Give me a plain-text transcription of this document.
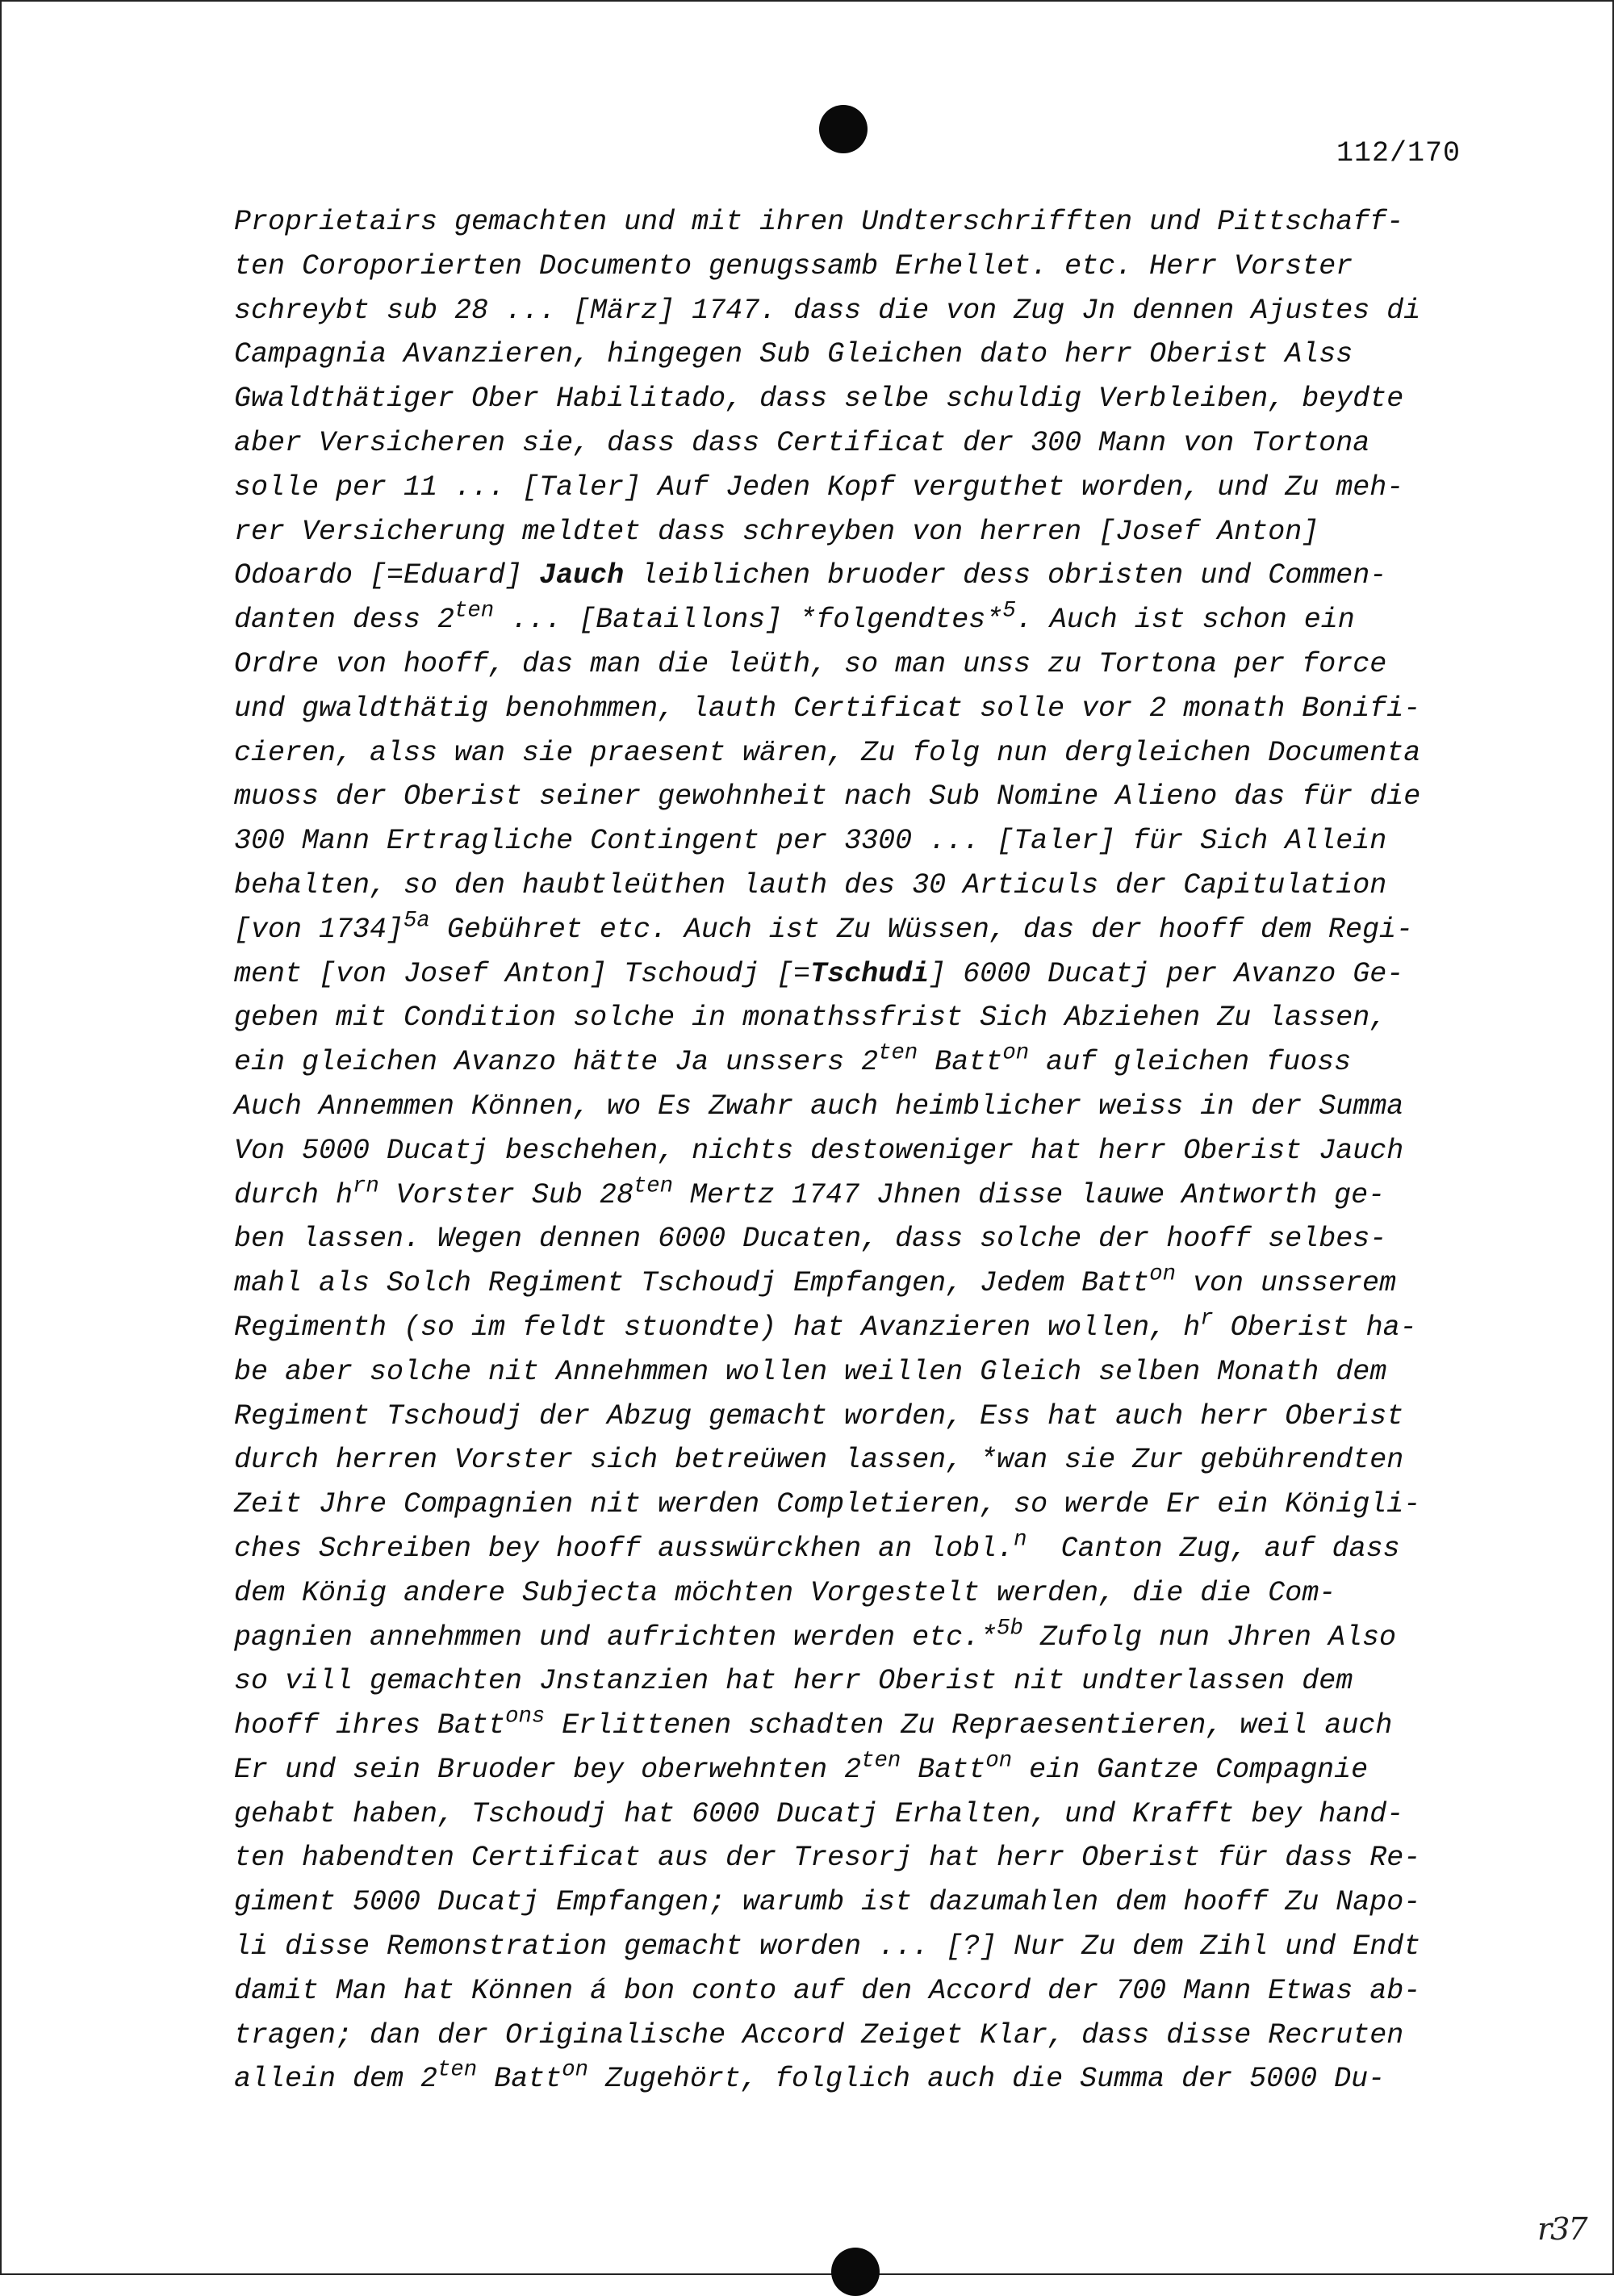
112/170
Proprietairs gemachten und mit ihren Undterschrifften und Pittschaff-
ten Coroporierten Documento genugssamb Erhellet. etc. Herr Vorster
schreybt sub 28 ... [März] 1747. dass die von Zug Jn dennen Ajustes di
Campagnia Avanzieren, hingegen Sub Gleichen dato herr Oberist Alss
Gwaldthätiger Ober Habilitado, dass selbe schuldig Verbleiben, beydte
aber Versicheren sie, dass dass Certificat der 300 Mann von Tortona
solle per 11 ... [Taler] Auf Jeden Kopf verguthet worden, und Zu meh-
rer Versicherung meldtet dass schreyben von herren [Josef Anton]
Odoardo [=Eduard] Jauch leiblichen bruoder dess obristen und Commen-
danten dess $2^{ten}$ ... [Bataillons] *folgendtes*$^5$. Auch ist schon ein
Ordre von hooff, das man die leüth, so man unss zu Tortona per force
und gwaldthätig benohmmen, lauth Certificat solle vor 2 monath Bonifi-
cieren, alss wan sie praesent wären, Zu folg nun dergleichen Documenta
muoss der Oberist seiner gewohnheit nach Sub Nomine Alieno das für die
300 Mann Ertragliche Contingent per 3300 ... [Taler] für Sich Allein
behalten, so den haubtleüthen lauth des 30 Articuls der Capitulation
[von 1734]$^{5a}$ Gebühret etc. Auch ist Zu Wüssen, das der hooff dem Regi-
ment [von Josef Anton] Tschoudj [=Tschudi] 6000 Ducatj per Avanzo Ge-
geben mit Condition solche in monathssfrist Sich Abziehen Zu lassen,
ein gleichen Avanzo hätte Ja unssers $2^{ten}$ Batt$^{on}$ auf gleichen fuoss
Auch Annemmen Können, wo Es Zwahr auch heimblicher weiss in der Summa
Von 5000 Ducatj beschehen, nichts destoweniger hat herr Oberist Jauch
durch $h^{rn}$ Vorster Sub $28^{ten}$ Mertz 1747 Jhnen disse lauwe Antworth ge-
ben lassen. Wegen dennen 6000 Ducaten, dass solche der hooff selbes-
mahl als Solch Regiment Tschoudj Empfangen, Jedem Batt$^{on}$ von unsserem
Regimenth (so im feldt stuondte) hat Avanzieren wollen, $h^r$ Oberist ha-
be aber solche nit Annehmmen wollen weillen Gleich selben Monath dem
Regiment Tschoudj der Abzug gemacht worden, Ess hat auch herr Oberist
durch herren Vorster sich betreüwen lassen, *wan sie Zur gebührendten
Zeit Jhre Compagnien nit werden Completieren, so werde Er ein Königli-
ches Schreiben bey hooff ausswürckhen an lobl.$^n$  Canton Zug, auf dass
dem König andere Subjecta möchten Vorgestelt werden, die die Com-
pagnien annehmmen und aufrichten werden etc.*$^{5b}$ Zufolg nun Jhren Also
so vill gemachten Jnstanzien hat herr Oberist nit undterlassen dem
hooff ihres Batt$^{ons}$ Erlittenen schadten Zu Repraesentieren, weil auch
Er und sein Bruoder bey oberwehnten $2^{ten}$ Batt$^{on}$ ein Gantze Compagnie
gehabt haben, Tschoudj hat 6000 Ducatj Erhalten, und Krafft bey hand-
ten habendten Certificat aus der Tresorj hat herr Oberist für dass Re-
giment 5000 Ducatj Empfangen; warumb ist dazumahlen dem hooff Zu Napo-
li disse Remonstration gemacht worden ... [?] Nur Zu dem Zihl und Endt
damit Man hat Können á bon conto auf den Accord der 700 Mann Etwas ab-
tragen; dan der Originalische Accord Zeiget Klar, dass disse Recruten
allein dem $2^{ten}$ Batt$^{on}$ Zugehört, folglich auch die Summa der 5000 Du-
r37
